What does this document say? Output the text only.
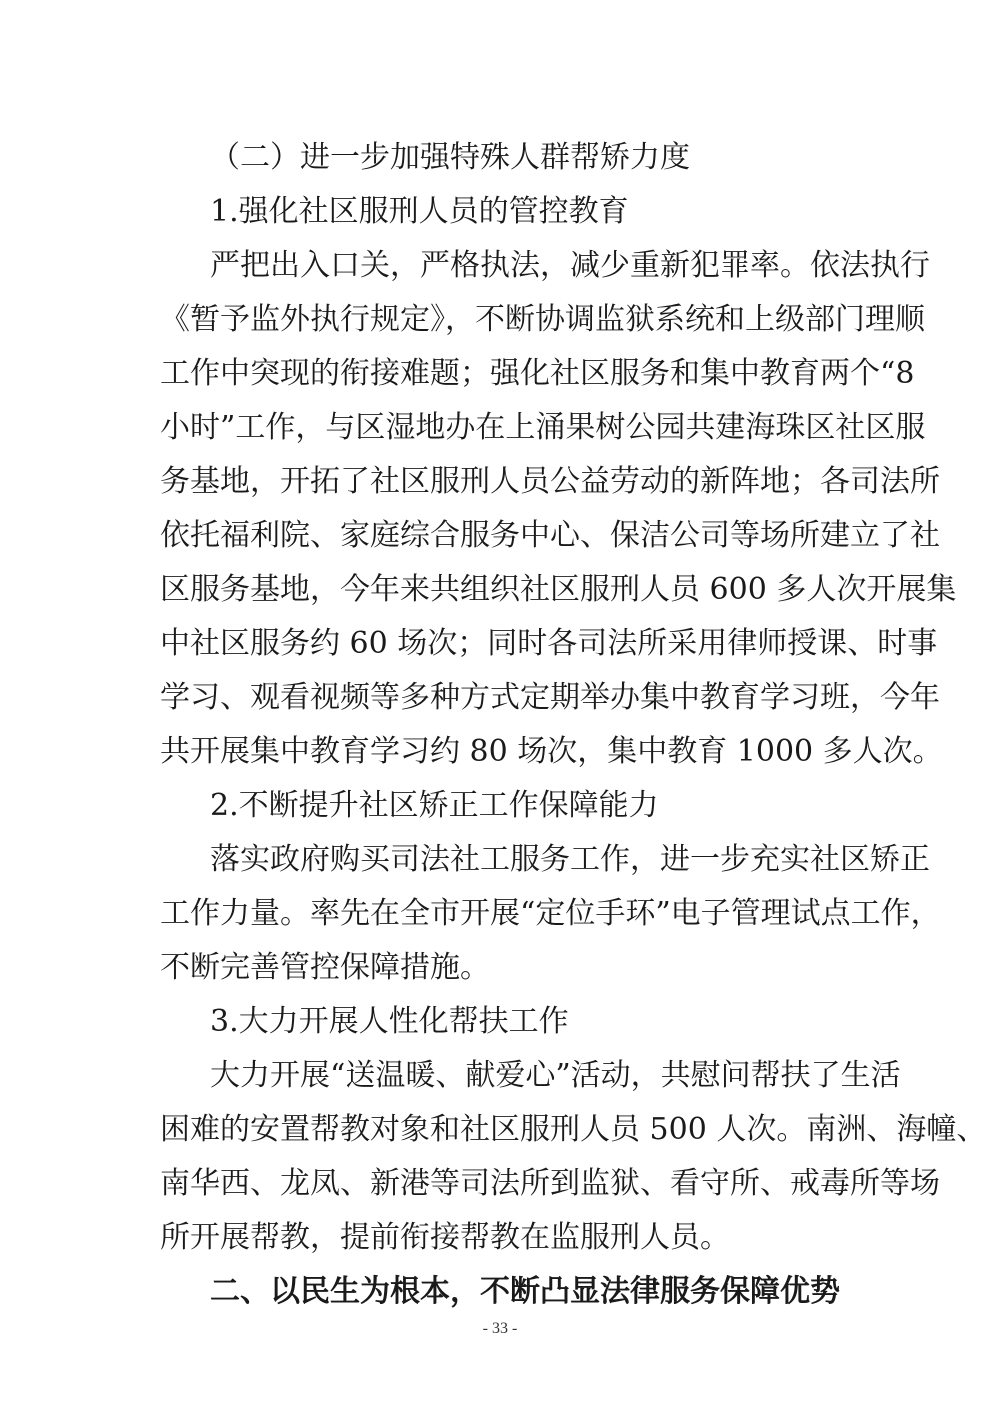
（二）进一步加强特殊人群帮矫力度
1.强化社区服刑人员的管控教育
严把出入口关，严格执法，减少重新犯罪率。依法执行
《暂予监外执行规定》，不断协调监狱系统和上级部门理顺
工作中突现的衔接难题；强化社区服务和集中教育两个“8
小时”工作，与区湿地办在上涌果树公园共建海珠区社区服
务基地，开拓了社区服刑人员公益劳动的新阵地；各司法所
依托福利院、家庭综合服务中心、保洁公司等场所建立了社
区服务基地，今年来共组织社区服刑人员 600 多人次开展集
中社区服务约 60 场次；同时各司法所采用律师授课、时事
学习、观看视频等多种方式定期举办集中教育学习班，今年
共开展集中教育学习约 80 场次，集中教育 1000 多人次。
2.不断提升社区矫正工作保障能力
落实政府购买司法社工服务工作，进一步充实社区矫正
工作力量。率先在全市开展“定位手环”电子管理试点工作，
不断完善管控保障措施。
3.大力开展人性化帮扶工作
大力开展“送温暖、献爱心”活动，共慰问帮扶了生活
困难的安置帮教对象和社区服刑人员 500 人次。南洲、海幢、
南华西、龙凤、新港等司法所到监狱、看守所、戒毒所等场
所开展帮教，提前衔接帮教在监服刑人员。
二、以民生为根本，不断凸显法律服务保障优势
- 33 -
